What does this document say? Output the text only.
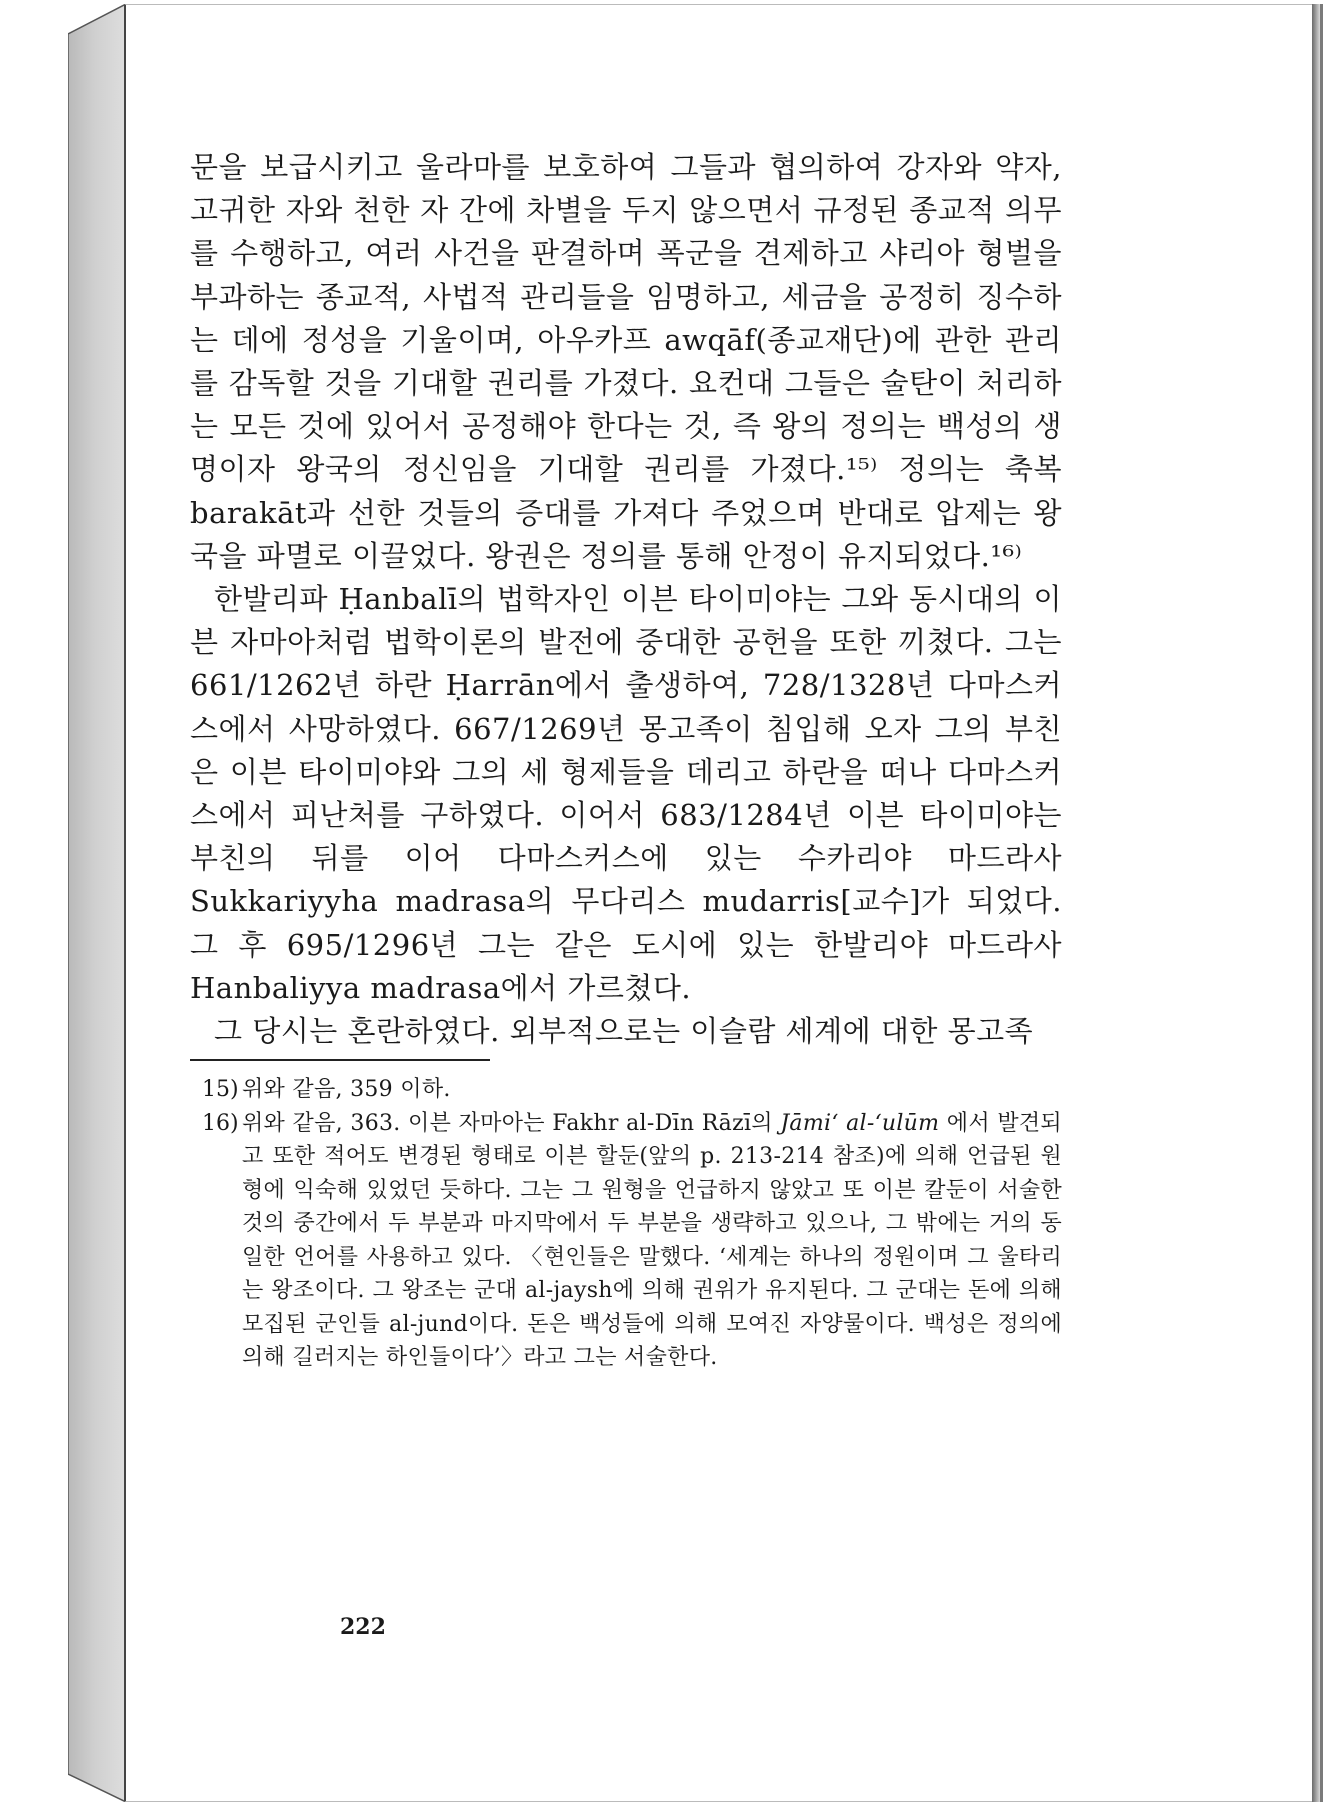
문을 보급시키고 울라마를 보호하여 그들과 협의하여 강자와 약자, 고귀한 자와 천한 자 간에 차별을 두지 않으면서 규정된 종교적 의무를 수행하고, 여러 사건을 판결하며 폭군을 견제하고 샤리아 형벌을 부과하는 종교적, 사법적 관리들을 임명하고, 세금을 공정히 징수하는 데에 정성을 기울이며, 아우카프 awqāf(종교재단)에 관한 관리를 감독할 것을 기대할 권리를 가졌다. 요컨대 그들은 술탄이 처리하는 모든 것에 있어서 공정해야 한다는 것, 즉 왕의 정의는 백성의 생명이자 왕국의 정신임을 기대할 권리를 가졌다.¹⁵⁾ 정의는 축복 barakāt과 선한 것들의 증대를 가져다 주었으며 반대로 압제는 왕국을 파멸로 이끌었다. 왕권은 정의를 통해 안정이 유지되었다.¹⁶⁾

한발리파 Ḥanbalī의 법학자인 이븐 타이미야는 그와 동시대의 이븐 자마아처럼 법학이론의 발전에 중대한 공헌을 또한 끼쳤다. 그는 661/1262년 하란 Ḥarrān에서 출생하여, 728/1328년 다마스커스에서 사망하였다. 667/1269년 몽고족이 침입해 오자 그의 부친은 이븐 타이미야와 그의 세 형제들을 데리고 하란을 떠나 다마스커스에서 피난처를 구하였다. 이어서 683/1284년 이븐 타이미야는 부친의 뒤를 이어 다마스커스에 있는 수카리야 마드라사 Sukkariyyha madrasa의 무다리스 mudarris[교수]가 되었다. 그 후 695/1296년 그는 같은 도시에 있는 한발리야 마드라사 Hanbaliyya madrasa에서 가르쳤다.

그 당시는 혼란하였다. 외부적으로는 이슬람 세계에 대한 몽고족

15) 위와 같음, 359 이하.
16) 위와 같음, 363. 이븐 자마아는 Fakhr al-Dīn Rāzī의 Jāmi‘ al-‘ulūm 에서 발견되고 또한 적어도 변경된 형태로 이븐 할둔(앞의 p. 213-214 참조)에 의해 언급된 원형에 익숙해 있었던 듯하다. 그는 그 원형을 언급하지 않았고 또 이븐 칼둔이 서술한 것의 중간에서 두 부분과 마지막에서 두 부분을 생략하고 있으나, 그 밖에는 거의 동일한 언어를 사용하고 있다. 〈현인들은 말했다. ‘세계는 하나의 정원이며 그 울타리는 왕조이다. 그 왕조는 군대 al-jaysh에 의해 권위가 유지된다. 그 군대는 돈에 의해 모집된 군인들 al-jund이다. 돈은 백성들에 의해 모여진 자양물이다. 백성은 정의에 의해 길러지는 하인들이다’〉라고 그는 서술한다.
222
